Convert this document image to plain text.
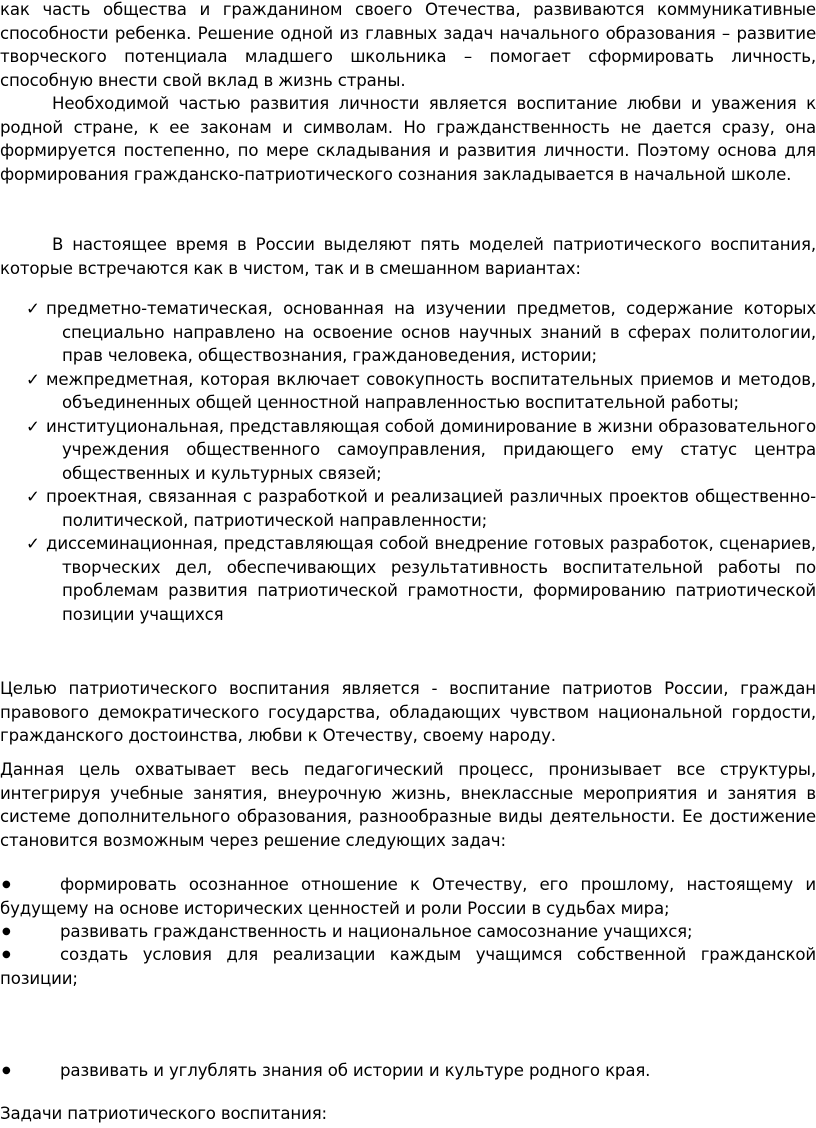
как часть общества и гражданином своего Отечества, развиваются коммуникативные способности ребенка. Решение одной из главных задач начального образования – развитие творческого потенциала младшего школьника – помогает сформировать личность, способную внести свой вклад в жизнь страны.

Необходимой частью развития личности является воспитание любви и уважения к родной стране, к ее законам и символам. Но гражданственность не дается сразу, она формируется постепенно, по мере складывания и развития личности. Поэтому основа для формирования гражданско-патриотического сознания закладывается в начальной школе.

В настоящее время в России выделяют пять моделей патриотического воспитания, которые встречаются как в чистом, так и в смешанном вариантах:

✓ предметно-тематическая, основанная на изучении предметов, содержание которых специально направлено на освоение основ научных знаний в сферах политологии, прав человека, обществознания, граждановедения, истории;
✓ межпредметная, которая включает совокупность воспитательных приемов и методов, объединенных общей ценностной направленностью воспитательной работы;
✓ институциональная, представляющая собой доминирование в жизни образовательного учреждения общественного самоуправления, придающего ему статус центра общественных и культурных связей;
✓ проектная, связанная с разработкой и реализацией различных проектов общественно-политической, патриотической направленности;
✓ диссеминационная, представляющая собой внедрение готовых разработок, сценариев, творческих дел, обеспечивающих результативность воспитательной работы по проблемам развития патриотической грамотности, формированию патриотической позиции учащихся

Целью патриотического воспитания является - воспитание патриотов России, граждан правового демократического государства, обладающих чувством национальной гордости, гражданского достоинства, любви к Отечеству, своему народу.

Данная цель охватывает весь педагогический процесс, пронизывает все структуры, интегрируя учебные занятия, внеурочную жизнь, внеклассные мероприятия и занятия в системе дополнительного образования, разнообразные виды деятельности. Ее достижение становится возможным через решение следующих задач:

●	формировать осознанное отношение к Отечеству, его прошлому, настоящему и будущему на основе исторических ценностей и роли России в судьбах мира;
●	развивать гражданственность и национальное самосознание учащихся;
●	создать условия для реализации каждым учащимся собственной гражданской позиции;
●	развивать и углублять знания об истории и культуре родного края.

Задачи патриотического воспитания:
